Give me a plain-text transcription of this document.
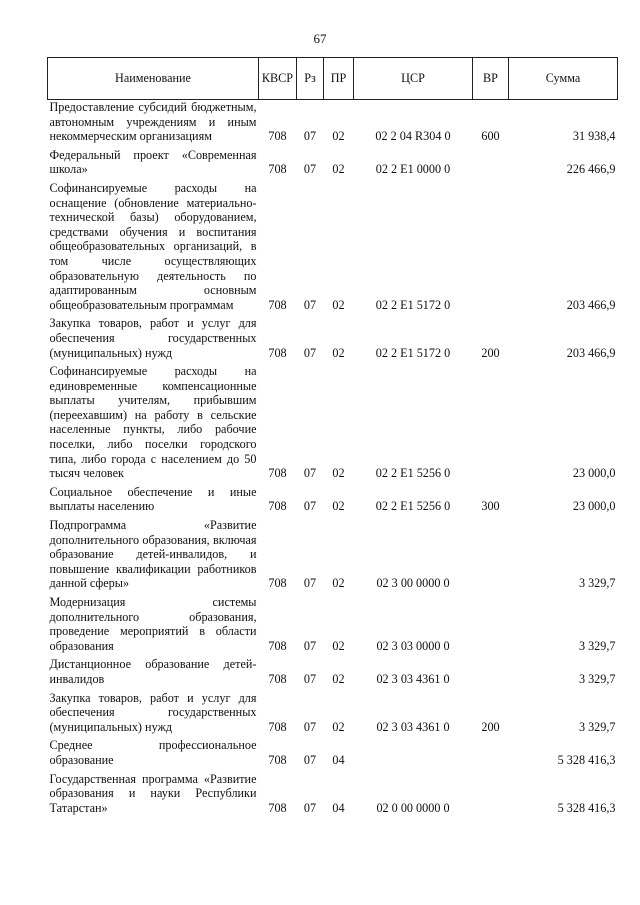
67
Наименование	КВСР	Рз	ПР	ЦСР	ВР	Сумма
Предоставление субсидий бюджетным, автономным учреждениям и иным некоммерческим организациям	708	07	02	02 2 04 R304 0	600	31 938,4
Федеральный проект «Современная школа»	708	07	02	02 2 E1 0000 0		226 466,9
Софинансируемые расходы на оснащение (обновление материально-технической базы) оборудованием, средствами обучения и воспитания общеобразовательных организаций, в том числе осуществляющих образовательную деятельность по адаптированным основным общеобразовательным программам	708	07	02	02 2 E1 5172 0		203 466,9
Закупка товаров, работ и услуг для обеспечения государственных (муниципальных) нужд	708	07	02	02 2 E1 5172 0	200	203 466,9
Софинансируемые расходы на единовременные компенсационные выплаты учителям, прибывшим (переехавшим) на работу в сельские населенные пункты, либо рабочие поселки, либо поселки городского типа, либо города с населением до 50 тысяч человек	708	07	02	02 2 E1 5256 0		23 000,0
Социальное обеспечение и иные выплаты населению	708	07	02	02 2 E1 5256 0	300	23 000,0
Подпрограмма «Развитие дополнительного образования, включая образование детей-инвалидов, и повышение квалификации работников данной сферы»	708	07	02	02 3 00 0000 0		3 329,7
Модернизация системы дополнительного образования, проведение мероприятий в области образования	708	07	02	02 3 03 0000 0		3 329,7
Дистанционное образование детей-инвалидов	708	07	02	02 3 03 4361 0		3 329,7
Закупка товаров, работ и услуг для обеспечения государственных (муниципальных) нужд	708	07	02	02 3 03 4361 0	200	3 329,7
Среднее профессиональное образование	708	07	04			5 328 416,3
Государственная программа «Развитие образования и науки Республики Татарстан»	708	07	04	02 0 00 0000 0		5 328 416,3
